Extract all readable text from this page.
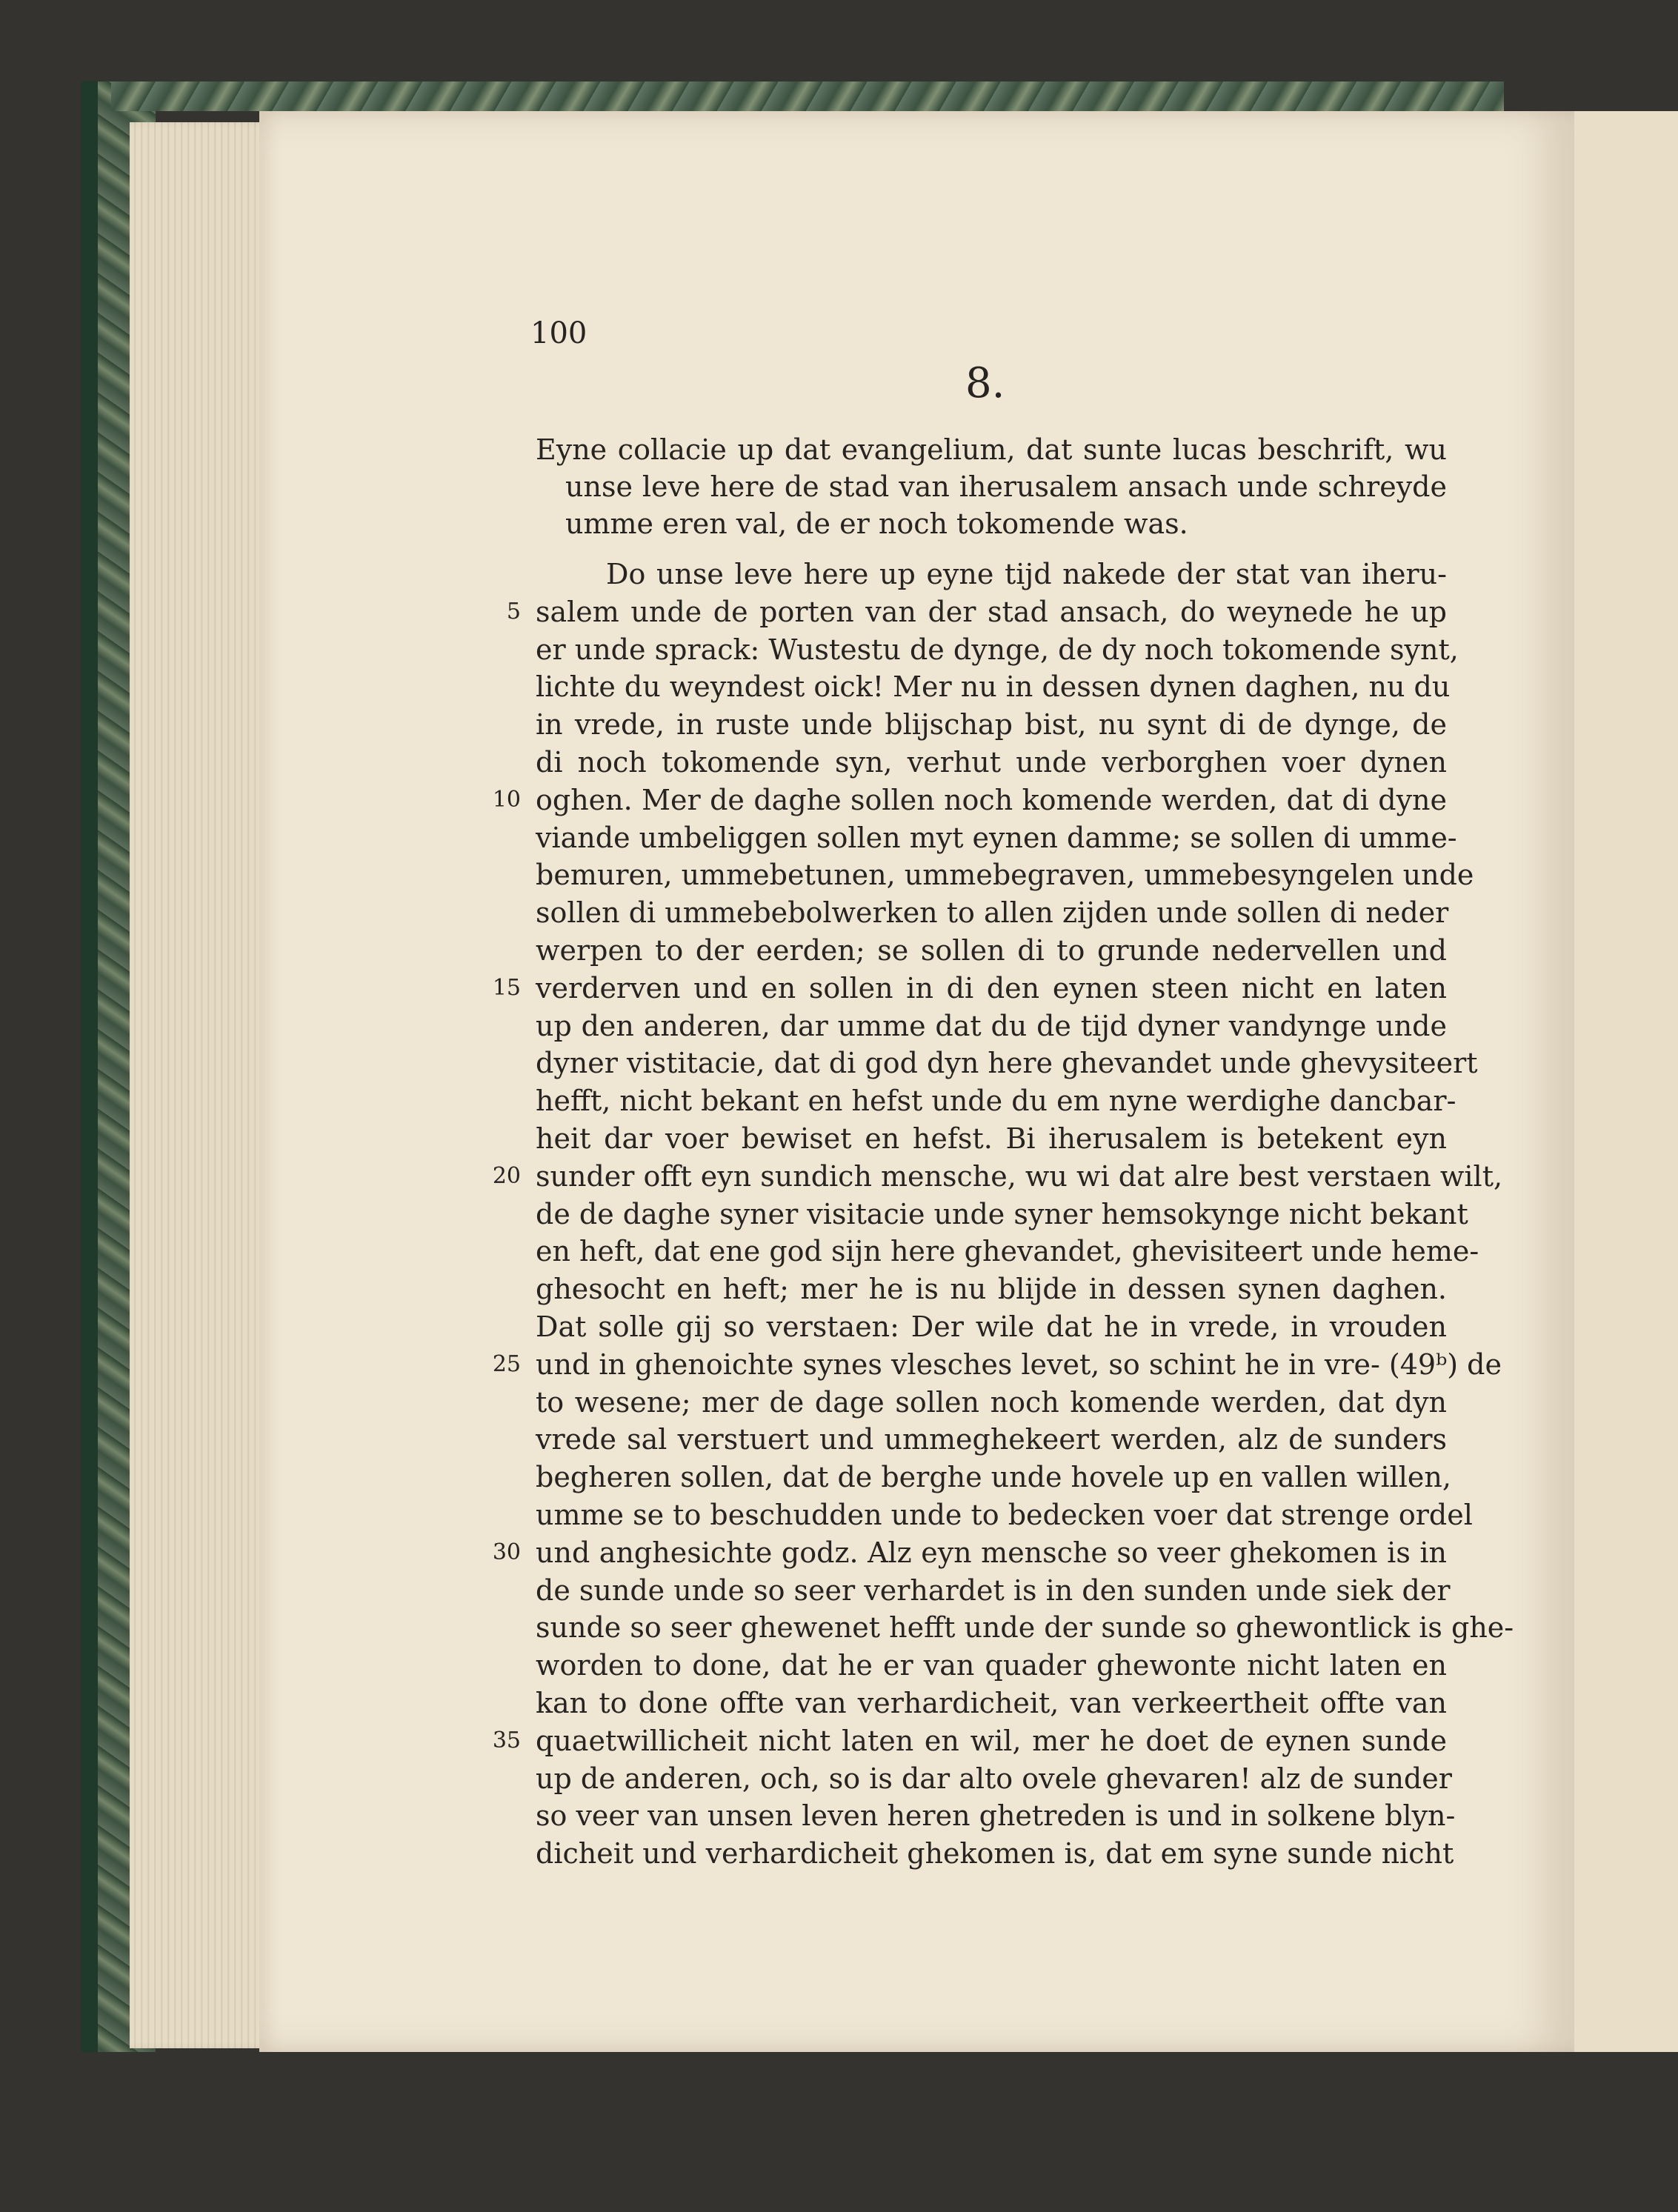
100
8.
Eyne collacie up dat evangelium, dat sunte lucas beschrift, wu
unse leve here de stad van iherusalem ansach unde schreyde
umme eren val, de er noch tokomende was.
Do unse leve here up eyne tijd nakede der stat van iheru-
5 salem unde de porten van der stad ansach, do weynede he up
er unde sprack: Wustestu de dynge, de dy noch tokomende synt,
lichte du weyndest oick! Mer nu in dessen dynen daghen, nu du
in vrede, in ruste unde blijschap bist, nu synt di de dynge, de
di noch tokomende syn, verhut unde verborghen voer dynen
10 oghen. Mer de daghe sollen noch komende werden, dat di dyne
viande umbeliggen sollen myt eynen damme; se sollen di umme-
bemuren, ummebetunen, ummebegraven, ummebesyngelen unde
sollen di ummebebolwerken to allen zijden unde sollen di neder
werpen to der eerden; se sollen di to grunde nedervellen und
15 verderven und en sollen in di den eynen steen nicht en laten
up den anderen, dar umme dat du de tijd dyner vandynge unde
dyner vistitacie, dat di god dyn here ghevandet unde ghevysiteert
hefft, nicht bekant en hefst unde du em nyne werdighe dancbar-
heit dar voer bewiset en hefst. Bi iherusalem is betekent eyn
20 sunder offt eyn sundich mensche, wu wi dat alre best verstaen wilt,
de de daghe syner visitacie unde syner hemsokynge nicht bekant
en heft, dat ene god sijn here ghevandet, ghevisiteert unde heme-
ghesocht en heft; mer he is nu blijde in dessen synen daghen.
Dat solle gij so verstaen: Der wile dat he in vrede, in vrouden
25 und in ghenoichte synes vlesches levet, so schint he in vre- (49ᵇ) de
to wesene; mer de dage sollen noch komende werden, dat dyn
vrede sal verstuert und ummeghekeert werden, alz de sunders
begheren sollen, dat de berghe unde hovele up en vallen willen,
umme se to beschudden unde to bedecken voer dat strenge ordel
30 und anghesichte godz. Alz eyn mensche so veer ghekomen is in
de sunde unde so seer verhardet is in den sunden unde siek der
sunde so seer ghewenet hefft unde der sunde so ghewontlick is ghe-
worden to done, dat he er van quader ghewonte nicht laten en
kan to done offte van verhardicheit, van verkeertheit offte van
35 quaetwillicheit nicht laten en wil, mer he doet de eynen sunde
up de anderen, och, so is dar alto ovele ghevaren! alz de sunder
so veer van unsen leven heren ghetreden is und in solkene blyn-
dicheit und verhardicheit ghekomen is, dat em syne sunde nicht
